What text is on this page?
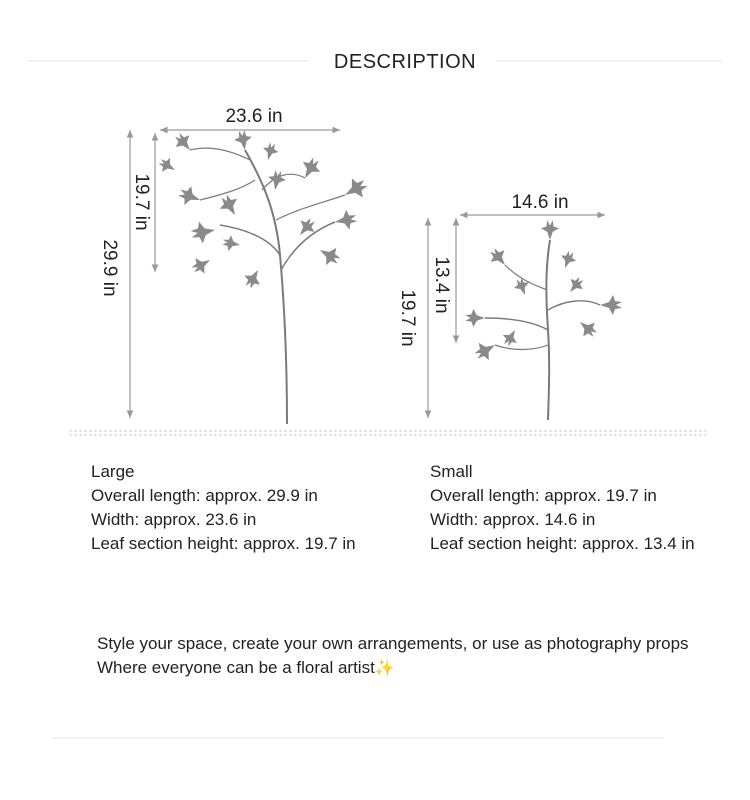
DESCRIPTION
23.6 in
19.7 in
29.9 in
14.6 in
13.4 in
19.7 in
Large
Overall length: approx. 29.9 in
Width: approx. 23.6 in
Leaf section height: approx. 19.7 in
Small
Overall length: approx. 19.7 in
Width: approx. 14.6 in
Leaf section height: approx. 13.4 in
Style your space, create your own arrangements, or use as photography props
Where everyone can be a floral artist✨
